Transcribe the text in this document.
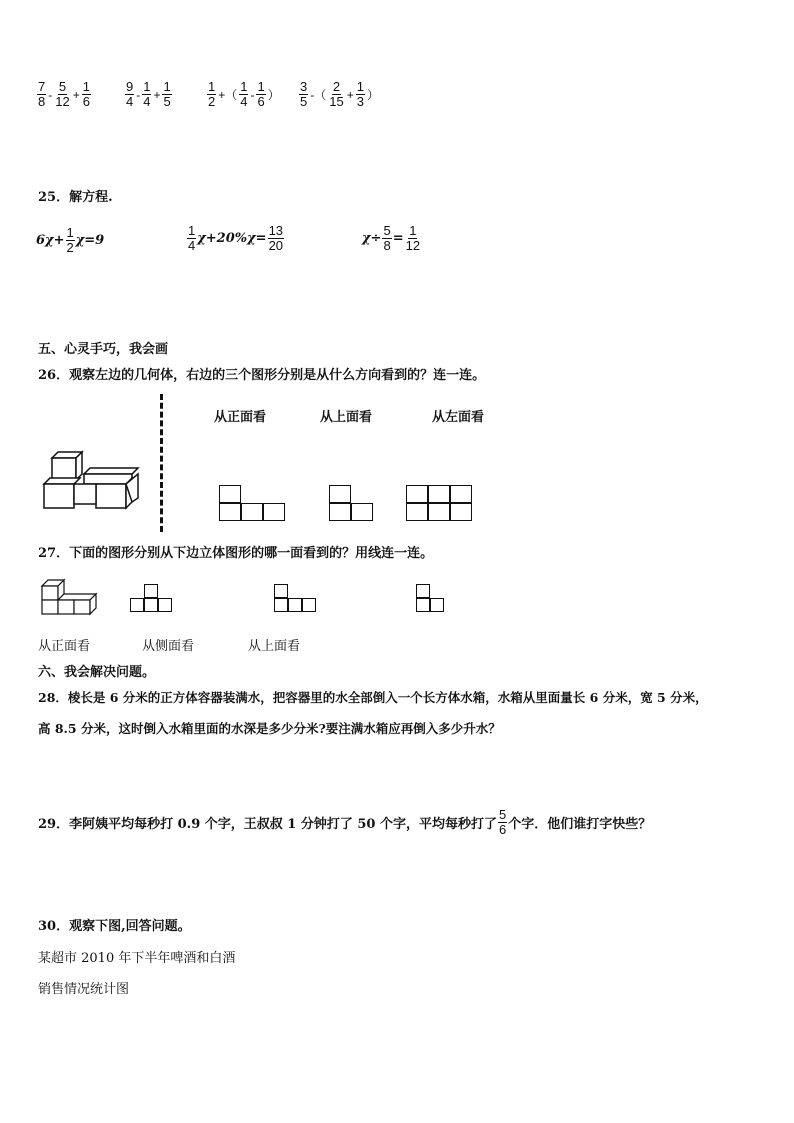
$\frac{7}{8} - \frac{5}{12} + \frac{1}{6}$	$\frac{9}{4} - \frac{1}{4} + \frac{1}{5}$	$\frac{1}{2}$ +（ $\frac{1}{4} - \frac{1}{6}$ ） $\frac{3}{5}$ -（ $\frac{2}{15} + \frac{1}{3}$ ）
25．解方程.
$6\chi+ \frac{1}{2} \chi=9$	$\frac{1}{4} \chi+20\%\chi= \frac{13}{20}$	$\chi\div \frac{5}{8} = \frac{1}{12}$
五、心灵手巧，我会画
26．观察左边的几何体，右边的三个图形分别是从什么方向看到的？连一连。
从正面看	从上面看	从左面看
27．下面的图形分别从下边立体图形的哪一面看到的？用线连一连。
从正面看	从侧面看	从上面看
六、我会解决问题。
28．棱长是 6 分米的正方体容器装满水，把容器里的水全部倒入一个长方体水箱，水箱从里面量长 6 分米，宽 5 分米，
高 8.5 分米，这时倒入水箱里面的水深是多少分米?要注满水箱应再倒入多少升水？
29．李阿姨平均每秒打 0.9 个字，王叔叔 1 分钟打了 50 个字，平均每秒打了 $\frac{5}{6}$ 个字．他们谁打字快些？
30．观察下图,回答问题。
某超市 2010 年下半年啤酒和白酒
销售情况统计图
